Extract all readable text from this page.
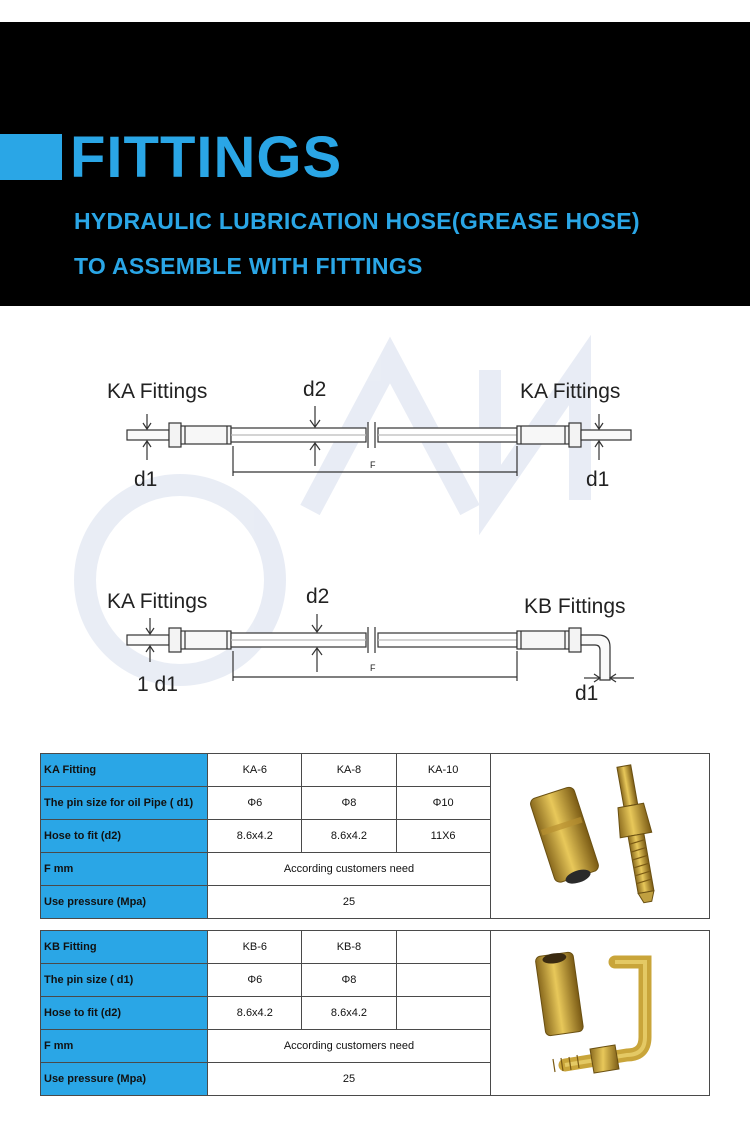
FITTINGS

HYDRAULIC LUBRICATION HOSE(GREASE HOSE)

TO ASSEMBLE WITH FITTINGS

KA Fittings	KA Fittings
d2
d1	d1
F
KA Fittings	KB Fittings
d2
1 d1	d1
F
KA Fitting	KA-6	KA-8	KA-10	
The pin size for oil Pipe ( d1)	Φ6	Φ8	Φ10	
Hose to fit (d2)	8.6x4.2	8.6x4.2	11X6	
F mm	According customers need			
Use pressure (Mpa)	25			
KB Fitting	KB-6	KB-8		
The pin size ( d1)	Φ6	Φ8		
Hose to fit (d2)	8.6x4.2	8.6x4.2		
F mm	According customers need			
Use pressure (Mpa)	25			
